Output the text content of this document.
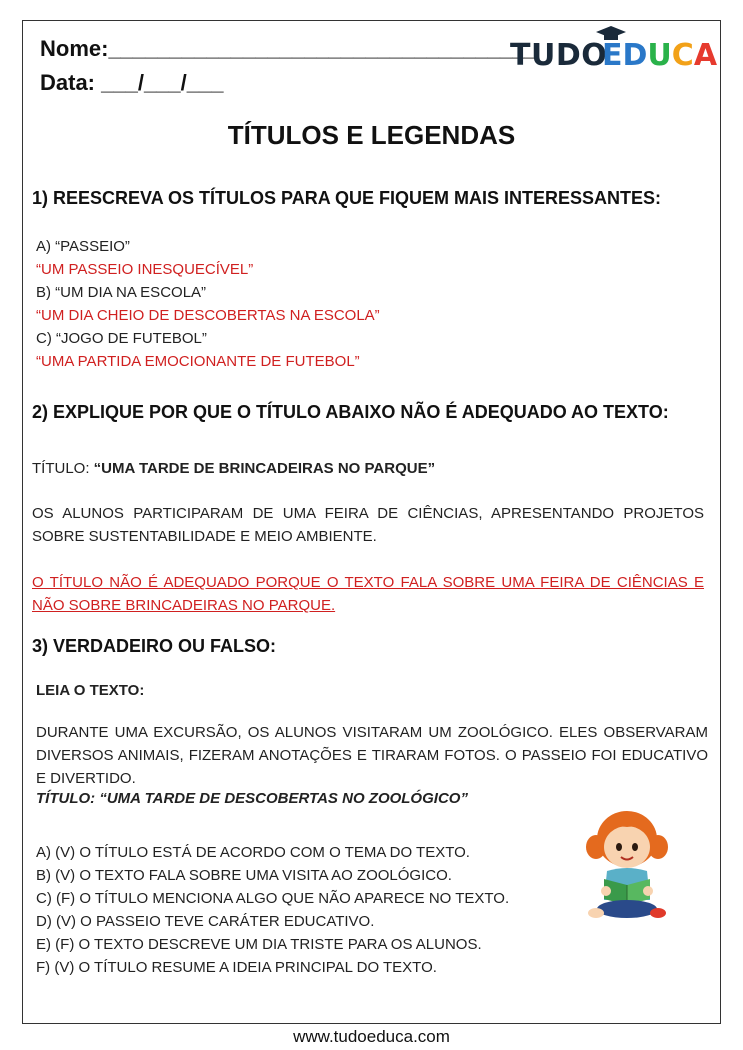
Nome:___________________________________
Data: ___/___/___
TUDO
EDUCA
TÍTULOS E LEGENDAS
1) REESCREVA OS TÍTULOS PARA QUE FIQUEM MAIS INTERESSANTES:
A) “PASSEIO”
“UM PASSEIO INESQUECÍVEL”
B) “UM DIA NA ESCOLA”
“UM DIA CHEIO DE DESCOBERTAS NA ESCOLA”
C) “JOGO DE FUTEBOL”
“UMA PARTIDA EMOCIONANTE DE FUTEBOL”
2) EXPLIQUE POR QUE O TÍTULO ABAIXO NÃO É ADEQUADO AO TEXTO:
TÍTULO: “UMA TARDE DE BRINCADEIRAS NO PARQUE”
OS ALUNOS PARTICIPARAM DE UMA FEIRA DE CIÊNCIAS, APRESENTANDO PROJETOS SOBRE SUSTENTABILIDADE E MEIO AMBIENTE.
O TÍTULO NÃO É ADEQUADO PORQUE O TEXTO FALA SOBRE UMA FEIRA DE CIÊNCIAS E NÃO SOBRE BRINCADEIRAS NO PARQUE.
3) VERDADEIRO OU FALSO:
LEIA O TEXTO:
DURANTE UMA EXCURSÃO, OS ALUNOS VISITARAM UM ZOOLÓGICO. ELES OBSERVARAM DIVERSOS ANIMAIS, FIZERAM ANOTAÇÕES E TIRARAM FOTOS. O PASSEIO FOI EDUCATIVO E DIVERTIDO.
TÍTULO: “UMA TARDE DE DESCOBERTAS NO ZOOLÓGICO”
A) (V) O TÍTULO ESTÁ DE ACORDO COM O TEMA DO TEXTO.
B) (V) O TEXTO FALA SOBRE UMA VISITA AO ZOOLÓGICO.
C) (F) O TÍTULO MENCIONA ALGO QUE NÃO APARECE NO TEXTO.
D) (V) O PASSEIO TEVE CARÁTER EDUCATIVO.
E) (F) O TEXTO DESCREVE UM DIA TRISTE PARA OS ALUNOS.
F) (V) O TÍTULO RESUME A IDEIA PRINCIPAL DO TEXTO.
www.tudoeduca.com
